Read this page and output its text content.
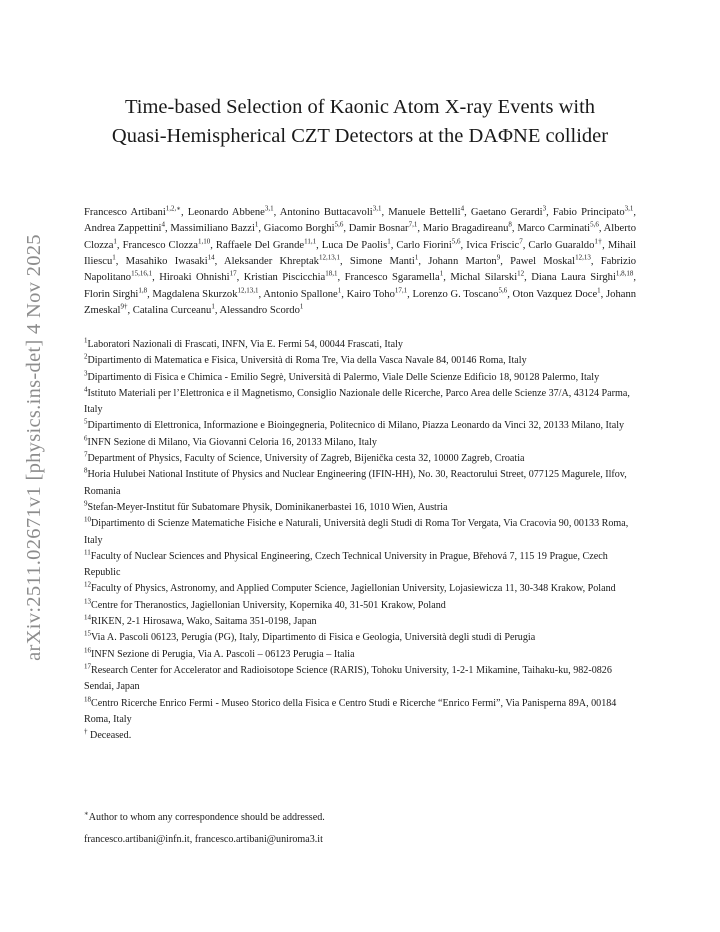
arXiv:2511.02671v1 [physics.ins-det] 4 Nov 2025
Time-based Selection of Kaonic Atom X-ray Events with
Quasi-Hemispherical CZT Detectors at the DAΦNE collider

Francesco Artibani$^{1,2,∗}$, Leonardo Abbene$^{3,1}$, Antonino Buttacavoli$^{3,1}$, Manuele Bettelli$^4$, Gaetano Gerardi$^3$, Fabio Principato$^{3,1}$, Andrea Zappettini$^4$, Massimiliano Bazzi$^1$, Giacomo Borghi$^{5,6}$, Damir Bosnar$^{7,1}$, Mario Bragadireanu$^8$, Marco Carminati$^{5,6}$, Alberto Clozza$^1$, Francesco Clozza$^{1,10}$, Raffaele Del Grande$^{11,1}$, Luca De Paolis$^1$, Carlo Fiorini$^{5,6}$, Ivica Friscic$^7$, Carlo Guaraldo$^{1\dagger}$, Mihail Iliescu$^1$, Masahiko Iwasaki$^{14}$, Aleksander Khreptak$^{12,13,1}$, Simone Manti$^1$, Johann Marton$^9$, Pawel Moskal$^{12,13}$, Fabrizio Napolitano$^{15,16,1}$, Hiroaki Ohnishi$^{17}$, Kristian Piscicchia$^{18,1}$, Francesco Sgaramella$^1$, Michal Silarski$^{12}$, Diana Laura Sirghi$^{1,8,18}$, Florin Sirghi$^{1,8}$, Magdalena Skurzok$^{12,13,1}$, Antonio Spallone$^1$, Kairo Toho$^{17,1}$, Lorenzo G. Toscano$^{5,6}$, Oton Vazquez Doce$^1$, Johann Zmeskal$^{9\dagger}$, Catalina Curceanu$^1$, Alessandro Scordo$^1$

$^1$Laboratori Nazionali di Frascati, INFN, Via E. Fermi 54, 00044 Frascati, Italy
$^2$Dipartimento di Matematica e Fisica, Università di Roma Tre, Via della Vasca Navale 84, 00146 Roma, Italy
$^3$Dipartimento di Fisica e Chimica - Emilio Segrè, Università di Palermo, Viale Delle Scienze Edificio 18, 90128 Palermo, Italy
$^4$Istituto Materiali per l’Elettronica e il Magnetismo, Consiglio Nazionale delle Ricerche, Parco Area delle Scienze 37/A, 43124 Parma, Italy
$^5$Dipartimento di Elettronica, Informazione e Bioingegneria, Politecnico di Milano, Piazza Leonardo da Vinci 32, 20133 Milano, Italy
$^6$INFN Sezione di Milano, Via Giovanni Celoria 16, 20133 Milano, Italy
$^7$Department of Physics, Faculty of Science, University of Zagreb, Bijenička cesta 32, 10000 Zagreb, Croatia
$^8$Horia Hulubei National Institute of Physics and Nuclear Engineering (IFIN-HH), No. 30, Reactorului Street, 077125 Magurele, Ilfov, Romania
$^9$Stefan-Meyer-Institut für Subatomare Physik, Dominikanerbastei 16, 1010 Wien, Austria
$^{10}$Dipartimento di Scienze Matematiche Fisiche e Naturali, Università degli Studi di Roma Tor Vergata, Via Cracovia 90, 00133 Roma, Italy
$^{11}$Faculty of Nuclear Sciences and Physical Engineering, Czech Technical University in Prague, Břehová 7, 115 19 Prague, Czech Republic
$^{12}$Faculty of Physics, Astronomy, and Applied Computer Science, Jagiellonian University, Lojasiewicza 11, 30-348 Krakow, Poland
$^{13}$Centre for Theranostics, Jagiellonian University, Kopernika 40, 31-501 Krakow, Poland
$^{14}$RIKEN, 2-1 Hirosawa, Wako, Saitama 351-0198, Japan
$^{15}$Via A. Pascoli 06123, Perugia (PG), Italy, Dipartimento di Fisica e Geologia, Università degli studi di Perugia
$^{16}$INFN Sezione di Perugia, Via A. Pascoli – 06123 Perugia – Italia
$^{17}$Research Center for Accelerator and Radioisotope Science (RARIS), Tohoku University, 1-2-1 Mikamine, Taihaku-ku, 982-0826 Sendai, Japan
$^{18}$Centro Ricerche Enrico Fermi - Museo Storico della Fisica e Centro Studi e Ricerche “Enrico Fermi”, Via Panisperna 89A, 00184 Roma, Italy
† Deceased.

∗Author to whom any correspondence should be addressed.

francesco.artibani@infn.it, francesco.artibani@uniroma3.it
